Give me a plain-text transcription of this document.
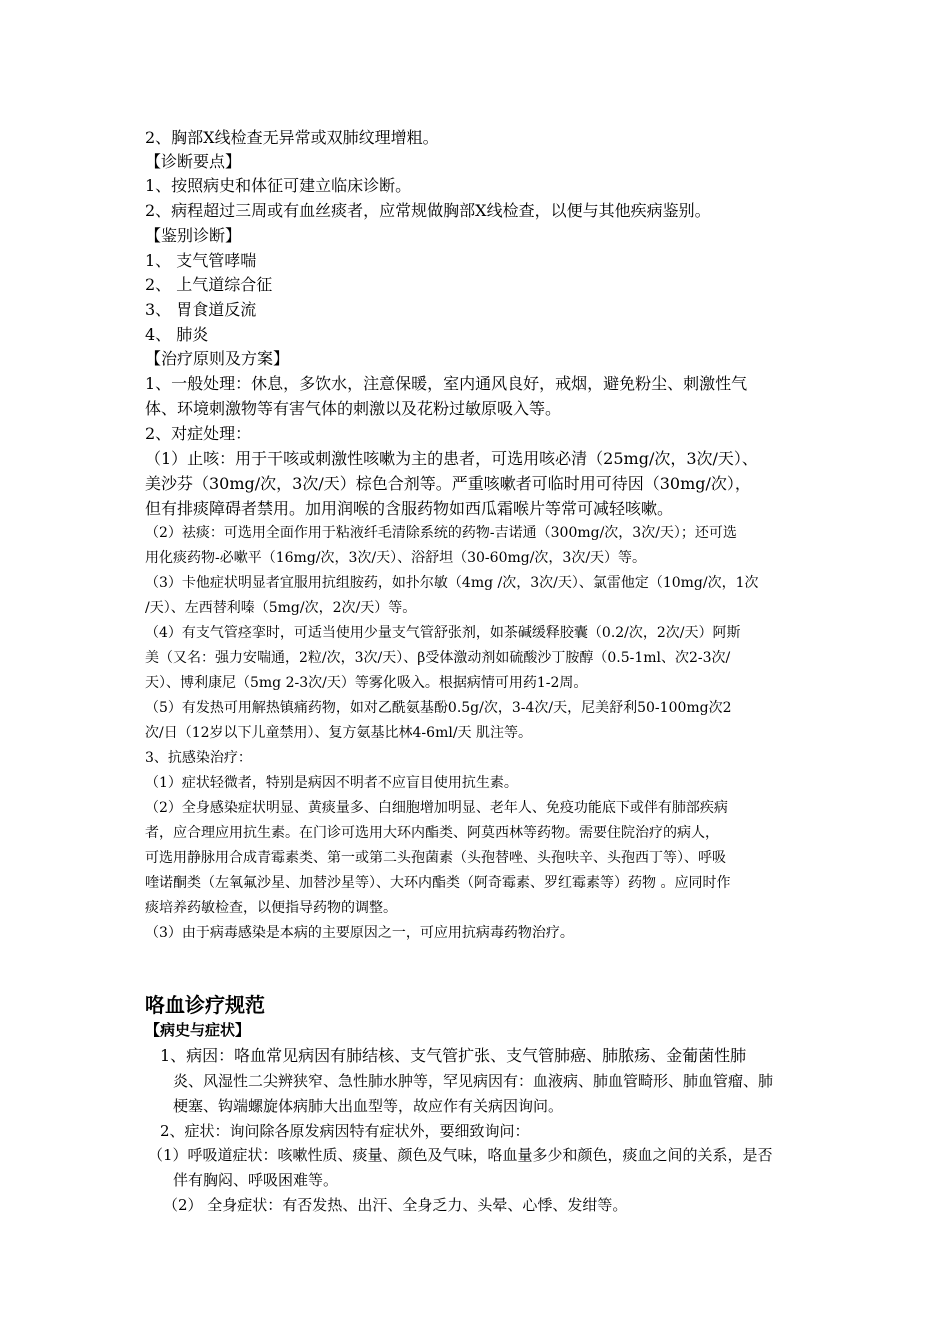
2、胸部X线检查无异常或双肺纹理增粗。
【诊断要点】
1、按照病史和体征可建立临床诊断。
2、病程超过三周或有血丝痰者，应常规做胸部X线检查，以便与其他疾病鉴别。
【鉴别诊断】
1、 支气管哮喘
2、 上气道综合征
3、 胃食道反流
4、 肺炎
【治疗原则及方案】
1、一般处理：休息，多饮水，注意保暖，室内通风良好，戒烟，避免粉尘、刺激性气
体、环境刺激物等有害气体的刺激以及花粉过敏原吸入等。
2、对症处理：
（1）止咳：用于干咳或刺激性咳嗽为主的患者，可选用咳必清（25mg/次，3次/天）、
美沙芬（30mg/次，3次/天）棕色合剂等。严重咳嗽者可临时用可待因（30mg/次），
但有排痰障碍者禁用。加用润喉的含服药物如西瓜霜喉片等常可减轻咳嗽。
（2）祛痰：可选用全面作用于粘液纤毛清除系统的药物-吉诺通（300mg/次，3次/天）；还可选
用化痰药物-必嗽平（16mg/次，3次/天）、浴舒坦（30-60mg/次，3次/天）等。
（3）卡他症状明显者宜服用抗组胺药，如扑尔敏（4mg /次，3次/天）、氯雷他定（10mg/次，1次
/天）、左西替利嗪（5mg/次，2次/天）等。
（4）有支气管痉挛时，可适当使用少量支气管舒张剂，如茶碱缓释胶囊（0.2/次，2次/天）阿斯
美（又名：强力安喘通，2粒/次，3次/天）、β受体激动剂如硫酸沙丁胺醇（0.5-1ml、次2-3次/
天）、博利康尼（5mg 2-3次/天）等雾化吸入。根据病情可用药1-2周。
（5）有发热可用解热镇痛药物，如对乙酰氨基酚0.5g/次，3-4次/天，尼美舒利50-100mg次2
次/日（12岁以下儿童禁用）、复方氨基比林4-6ml/天 肌注等。
3、抗感染治疗：
（1）症状轻微者，特别是病因不明者不应盲目使用抗生素。
（2）全身感染症状明显、黄痰量多、白细胞增加明显、老年人、免疫功能底下或伴有肺部疾病
者，应合理应用抗生素。在门诊可选用大环内酯类、阿莫西林等药物。需要住院治疗的病人，
可选用静脉用合成青霉素类、第一或第二头孢菌素（头孢替唑、头孢呋辛、头孢西丁等）、呼吸
喹诺酮类（左氧氟沙星、加替沙星等）、大环内酯类（阿奇霉素、罗红霉素等）药物 。应同时作
痰培养药敏检查，以便指导药物的调整。
（3）由于病毒感染是本病的主要原因之一，可应用抗病毒药物治疗。
咯血诊疗规范
【病史与症状】
1、病因：咯血常见病因有肺结核、支气管扩张、支气管肺癌、肺脓疡、金葡菌性肺
炎、风湿性二尖辨狭窄、急性肺水肿等，罕见病因有：血液病、肺血管畸形、肺血管瘤、肺
梗塞、钩端螺旋体病肺大出血型等，故应作有关病因询问。
2、症状：询问除各原发病因特有症状外，要细致询问：
（1）呼吸道症状：咳嗽性质、痰量、颜色及气味，咯血量多少和颜色，痰血之间的关系，是否
伴有胸闷、呼吸困难等。
（2） 全身症状：有否发热、出汗、全身乏力、头晕、心悸、发绀等。
